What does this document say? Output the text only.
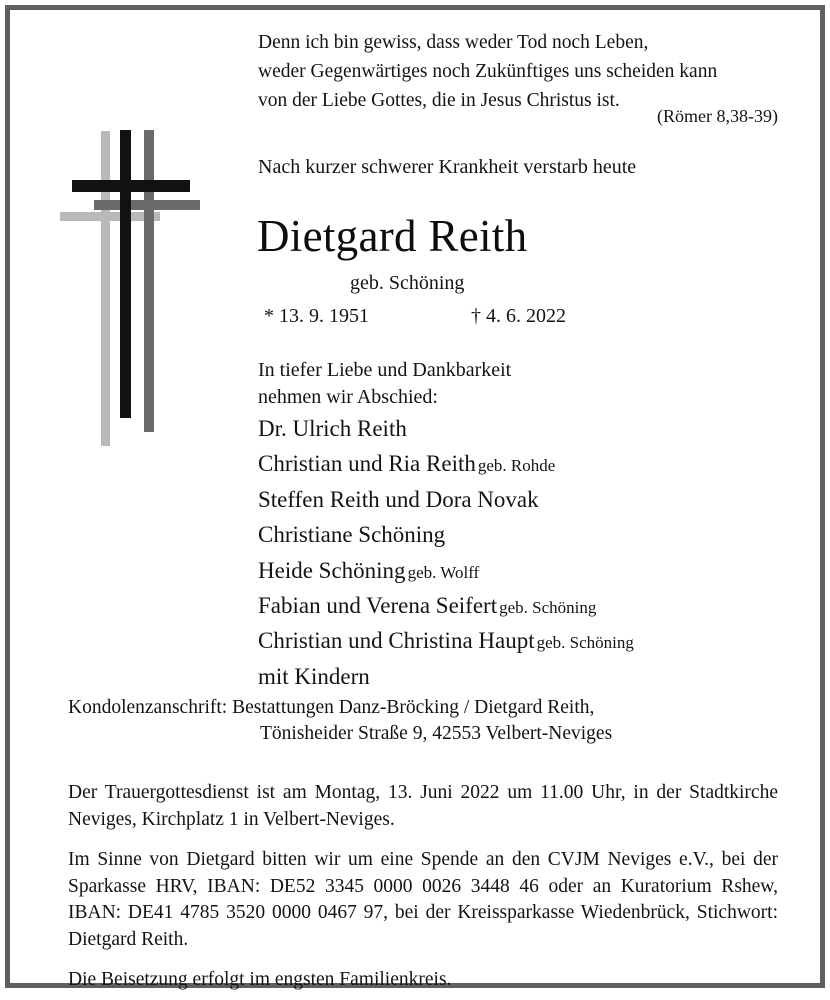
Denn ich bin gewiss, dass weder Tod noch Leben,
weder Gegenwärtiges noch Zukünftiges uns scheiden kann
von der Liebe Gottes, die in Jesus Christus ist.
(Römer 8,38-39)
Nach kurzer schwerer Krankheit verstarb heute
Dietgard Reith
geb. Schöning
* 13. 9. 1951	† 4. 6. 2022
In tiefer Liebe und Dankbarkeit
nehmen wir Abschied:
Dr. Ulrich Reith
Christian und Ria Reith geb. Rohde
Steffen Reith und Dora Novak
Christiane Schöning
Heide Schöning geb. Wolff
Fabian und Verena Seifert geb. Schöning
Christian und Christina Haupt geb. Schöning
mit Kindern
Kondolenzanschrift: Bestattungen Danz-Bröcking / Dietgard Reith,
Tönisheider Straße 9, 42553 Velbert-Neviges

Der Trauergottesdienst ist am Montag, 13. Juni 2022 um 11.00 Uhr, in der Stadtkirche Neviges, Kirchplatz 1 in Velbert-Neviges.

Im Sinne von Dietgard bitten wir um eine Spende an den CVJM Neviges e.V., bei der Sparkasse HRV, IBAN: DE52 3345 0000 0026 3448 46 oder an Kuratorium Rshew, IBAN: DE41 4785 3520 0000 0467 97, bei der Kreissparkasse Wiedenbrück, Stichwort: Dietgard Reith.

Die Beisetzung erfolgt im engsten Familienkreis.
